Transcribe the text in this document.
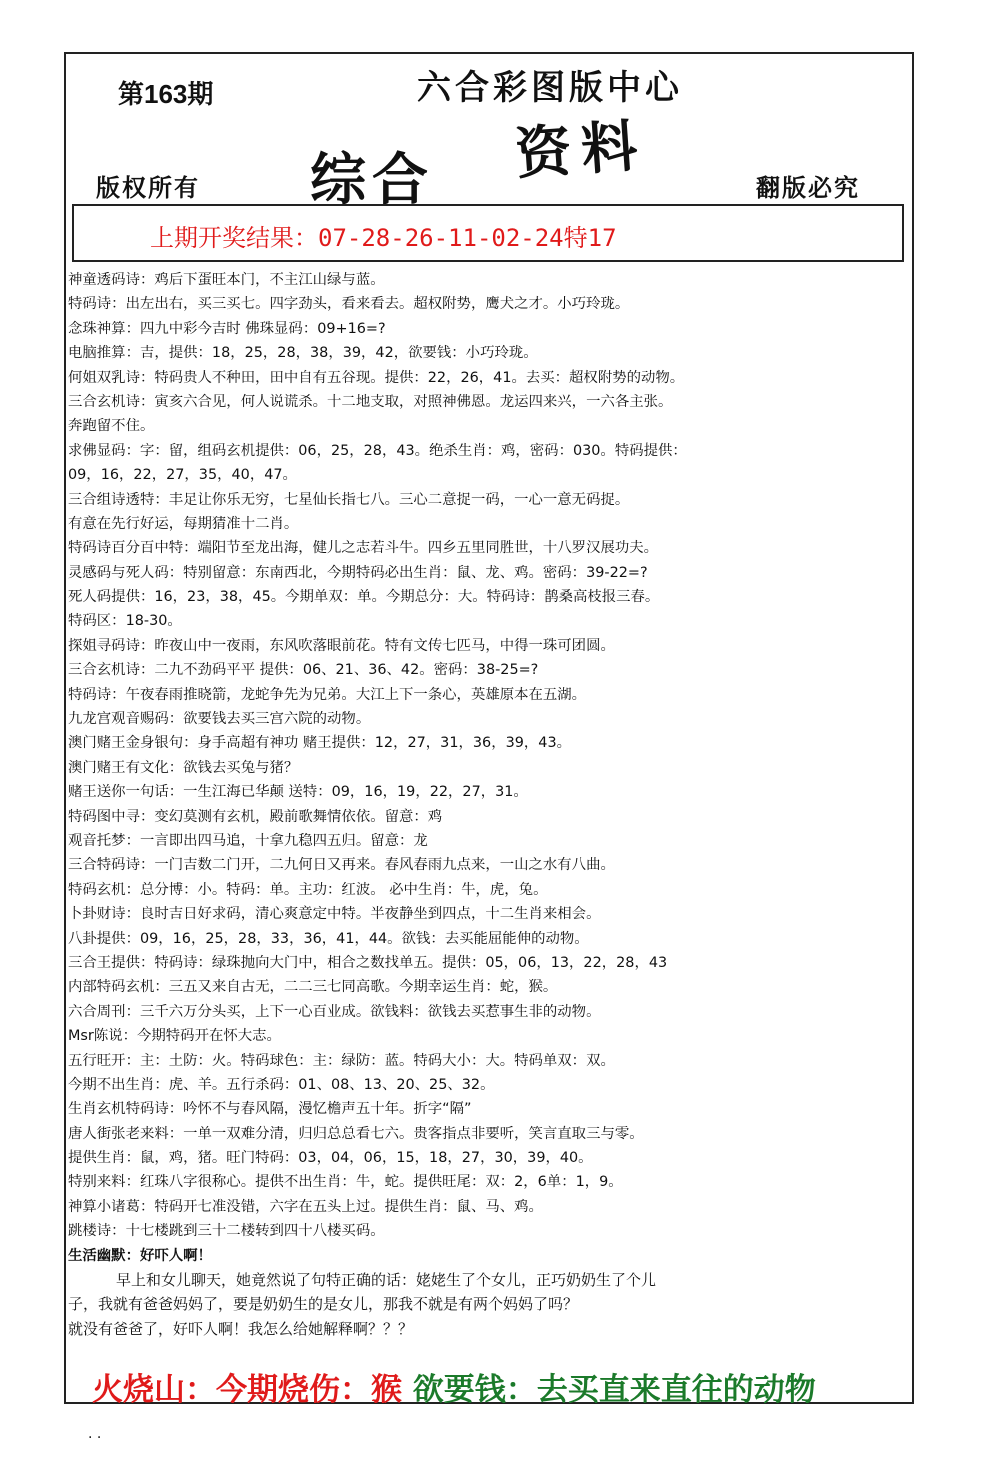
第163期	六合彩图版中心
综合 资料
版权所有	翻版必究
上期开奖结果：07-28-26-11-02-24特17
神童透码诗：鸡后下蛋旺本门，不主江山绿与蓝。
特码诗：出左出右，买三买七。四字劲头，看来看去。超权附势，鹰犬之才。小巧玲珑。
念珠神算：四九中彩今吉时 佛珠显码：09+16=?
电脑推算：吉，提供：18，25，28，38，39，42，欲要钱：小巧玲珑。
何姐双乳诗：特码贵人不种田，田中自有五谷现。提供：22，26，41。去买：超权附势的动物。
三合玄机诗：寅亥六合见，何人说谎杀。十二地支取，对照神佛恩。龙运四来兴，一六各主张。
奔跑留不住。
求佛显码：字：留，组码玄机提供：06，25，28，43。绝杀生肖：鸡，密码：030。特码提供：
09，16，22，27，35，40，47。
三合组诗透特：丰足让你乐无穷，七星仙长指七八。三心二意捉一码，一心一意无码捉。
有意在先行好运，每期猜准十二肖。
特码诗百分百中特：端阳节至龙出海，健儿之志若斗牛。四乡五里同胜世，十八罗汉展功夫。
灵感码与死人码：特别留意：东南西北，今期特码必出生肖：鼠、龙、鸡。密码：39-22=?
死人码提供：16，23，38，45。今期单双：单。今期总分：大。特码诗：鹊桑高枝报三春。
特码区：18-30。
探姐寻码诗：昨夜山中一夜雨，东风吹落眼前花。特有文传七匹马，中得一珠可团圆。
三合玄机诗：二九不劲码平平 提供：06、21、36、42。密码：38-25=?
特码诗：午夜春雨推晓箭，龙蛇争先为兄弟。大江上下一条心，英雄原本在五湖。
九龙宫观音赐码：欲要钱去买三宫六院的动物。
澳门赌王金身银句：身手高超有神功 赌王提供：12，27，31，36，39，43。
澳门赌王有文化：欲钱去买兔与猪？
赌王送你一句话：一生江海已华颠 送特：09，16，19，22，27，31。
特码图中寻：变幻莫测有玄机，殿前歌舞情依依。留意：鸡
观音托梦：一言即出四马追，十拿九稳四五归。留意：龙
三合特码诗：一门吉数二门开，二九何日又再来。春风春雨九点来，一山之水有八曲。
特码玄机：总分博：小。特码：单。主功：红波。 必中生肖：牛，虎，兔。
卜卦财诗：良时吉日好求码，清心爽意定中特。半夜静坐到四点，十二生肖来相会。
八卦提供：09，16，25，28，33，36，41，44。欲钱：去买能屈能伸的动物。
三合王提供：特码诗：绿珠抛向大门中，相合之数找单五。提供：05，06，13，22，28，43
内部特码玄机：三五又来自古无，二二三七同高歌。今期幸运生肖：蛇，猴。
六合周刊：三千六万分头买，上下一心百业成。欲钱料：欲钱去买惹事生非的动物。
Msr陈说：今期特码开在怀大志。
五行旺开：主：土防：火。特码球色：主：绿防：蓝。特码大小：大。特码单双：双。
今期不出生肖：虎、羊。五行杀码：01、08、13、20、25、32。
生肖玄机特码诗：吟怀不与春风隔，漫忆檐声五十年。折字“隔”
唐人街张老来料：一单一双难分清，归归总总看七六。贵客指点非要听，笑言直取三与零。
提供生肖：鼠，鸡，猪。旺门特码：03，04，06，15，18，27，30，39，40。
特别来料：红珠八字很称心。提供不出生肖：牛，蛇。提供旺尾：双：2，6单：1，9。
神算小诸葛：特码开七准没错，六字在五头上过。提供生肖：鼠、马、鸡。
跳楼诗：十七楼跳到三十二楼转到四十八楼买码。
生活幽默：好吓人啊！
早上和女儿聊天，她竟然说了句特正确的话：姥姥生了个女儿，正巧奶奶生了个儿
子，我就有爸爸妈妈了，要是奶奶生的是女儿，那我不就是有两个妈妈了吗？
就没有爸爸了，好吓人啊！我怎么给她解释啊？？？
火烧山：今期烧伤：猴 欲要钱：去买直来直往的动物
. .
